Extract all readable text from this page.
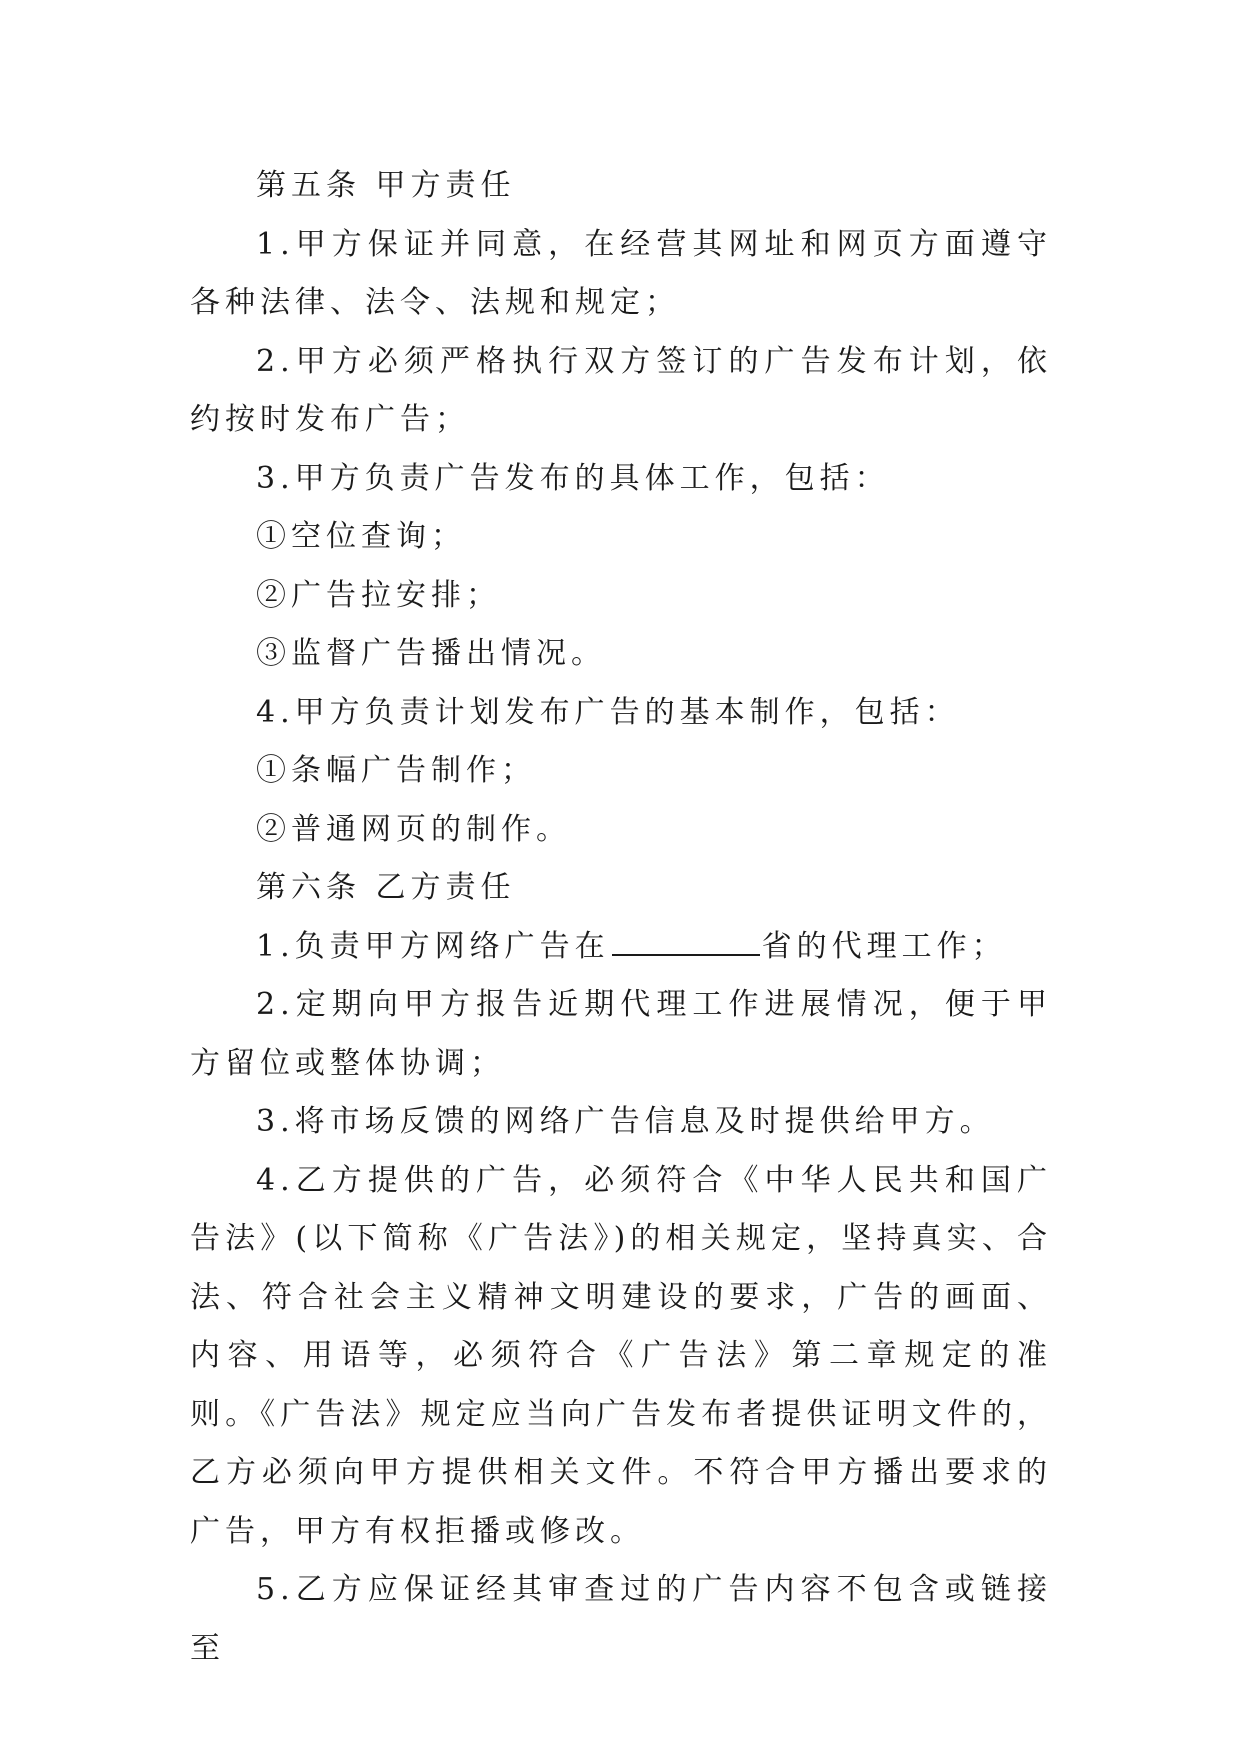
第五条 甲方责任

1.甲方保证并同意，在经营其网址和网页方面遵守各种法律、法令、法规和规定；

2.甲方必须严格执行双方签订的广告发布计划，依约按时发布广告；

3.甲方负责广告发布的具体工作，包括：

①空位查询；

②广告拉安排；

③监督广告播出情况。

4.甲方负责计划发布广告的基本制作，包括：

①条幅广告制作；

②普通网页的制作。

第六条 乙方责任

1.负责甲方网络广告在	省的代理工作；

2.定期向甲方报告近期代理工作进展情况，便于甲方留位或整体协调；

3.将市场反馈的网络广告信息及时提供给甲方。

4.乙方提供的广告，必须符合《中华人民共和国广告法》(以下简称《广告法》)的相关规定，坚持真实、合法、符合社会主义精神文明建设的要求，广告的画面、内容、用语等，必须符合《广告法》第二章规定的准则。《广告法》规定应当向广告发布者提供证明文件的，乙方必须向甲方提供相关文件。不符合甲方播出要求的广告，甲方有权拒播或修改。

5.乙方应保证经其审查过的广告内容不包含或链接至
